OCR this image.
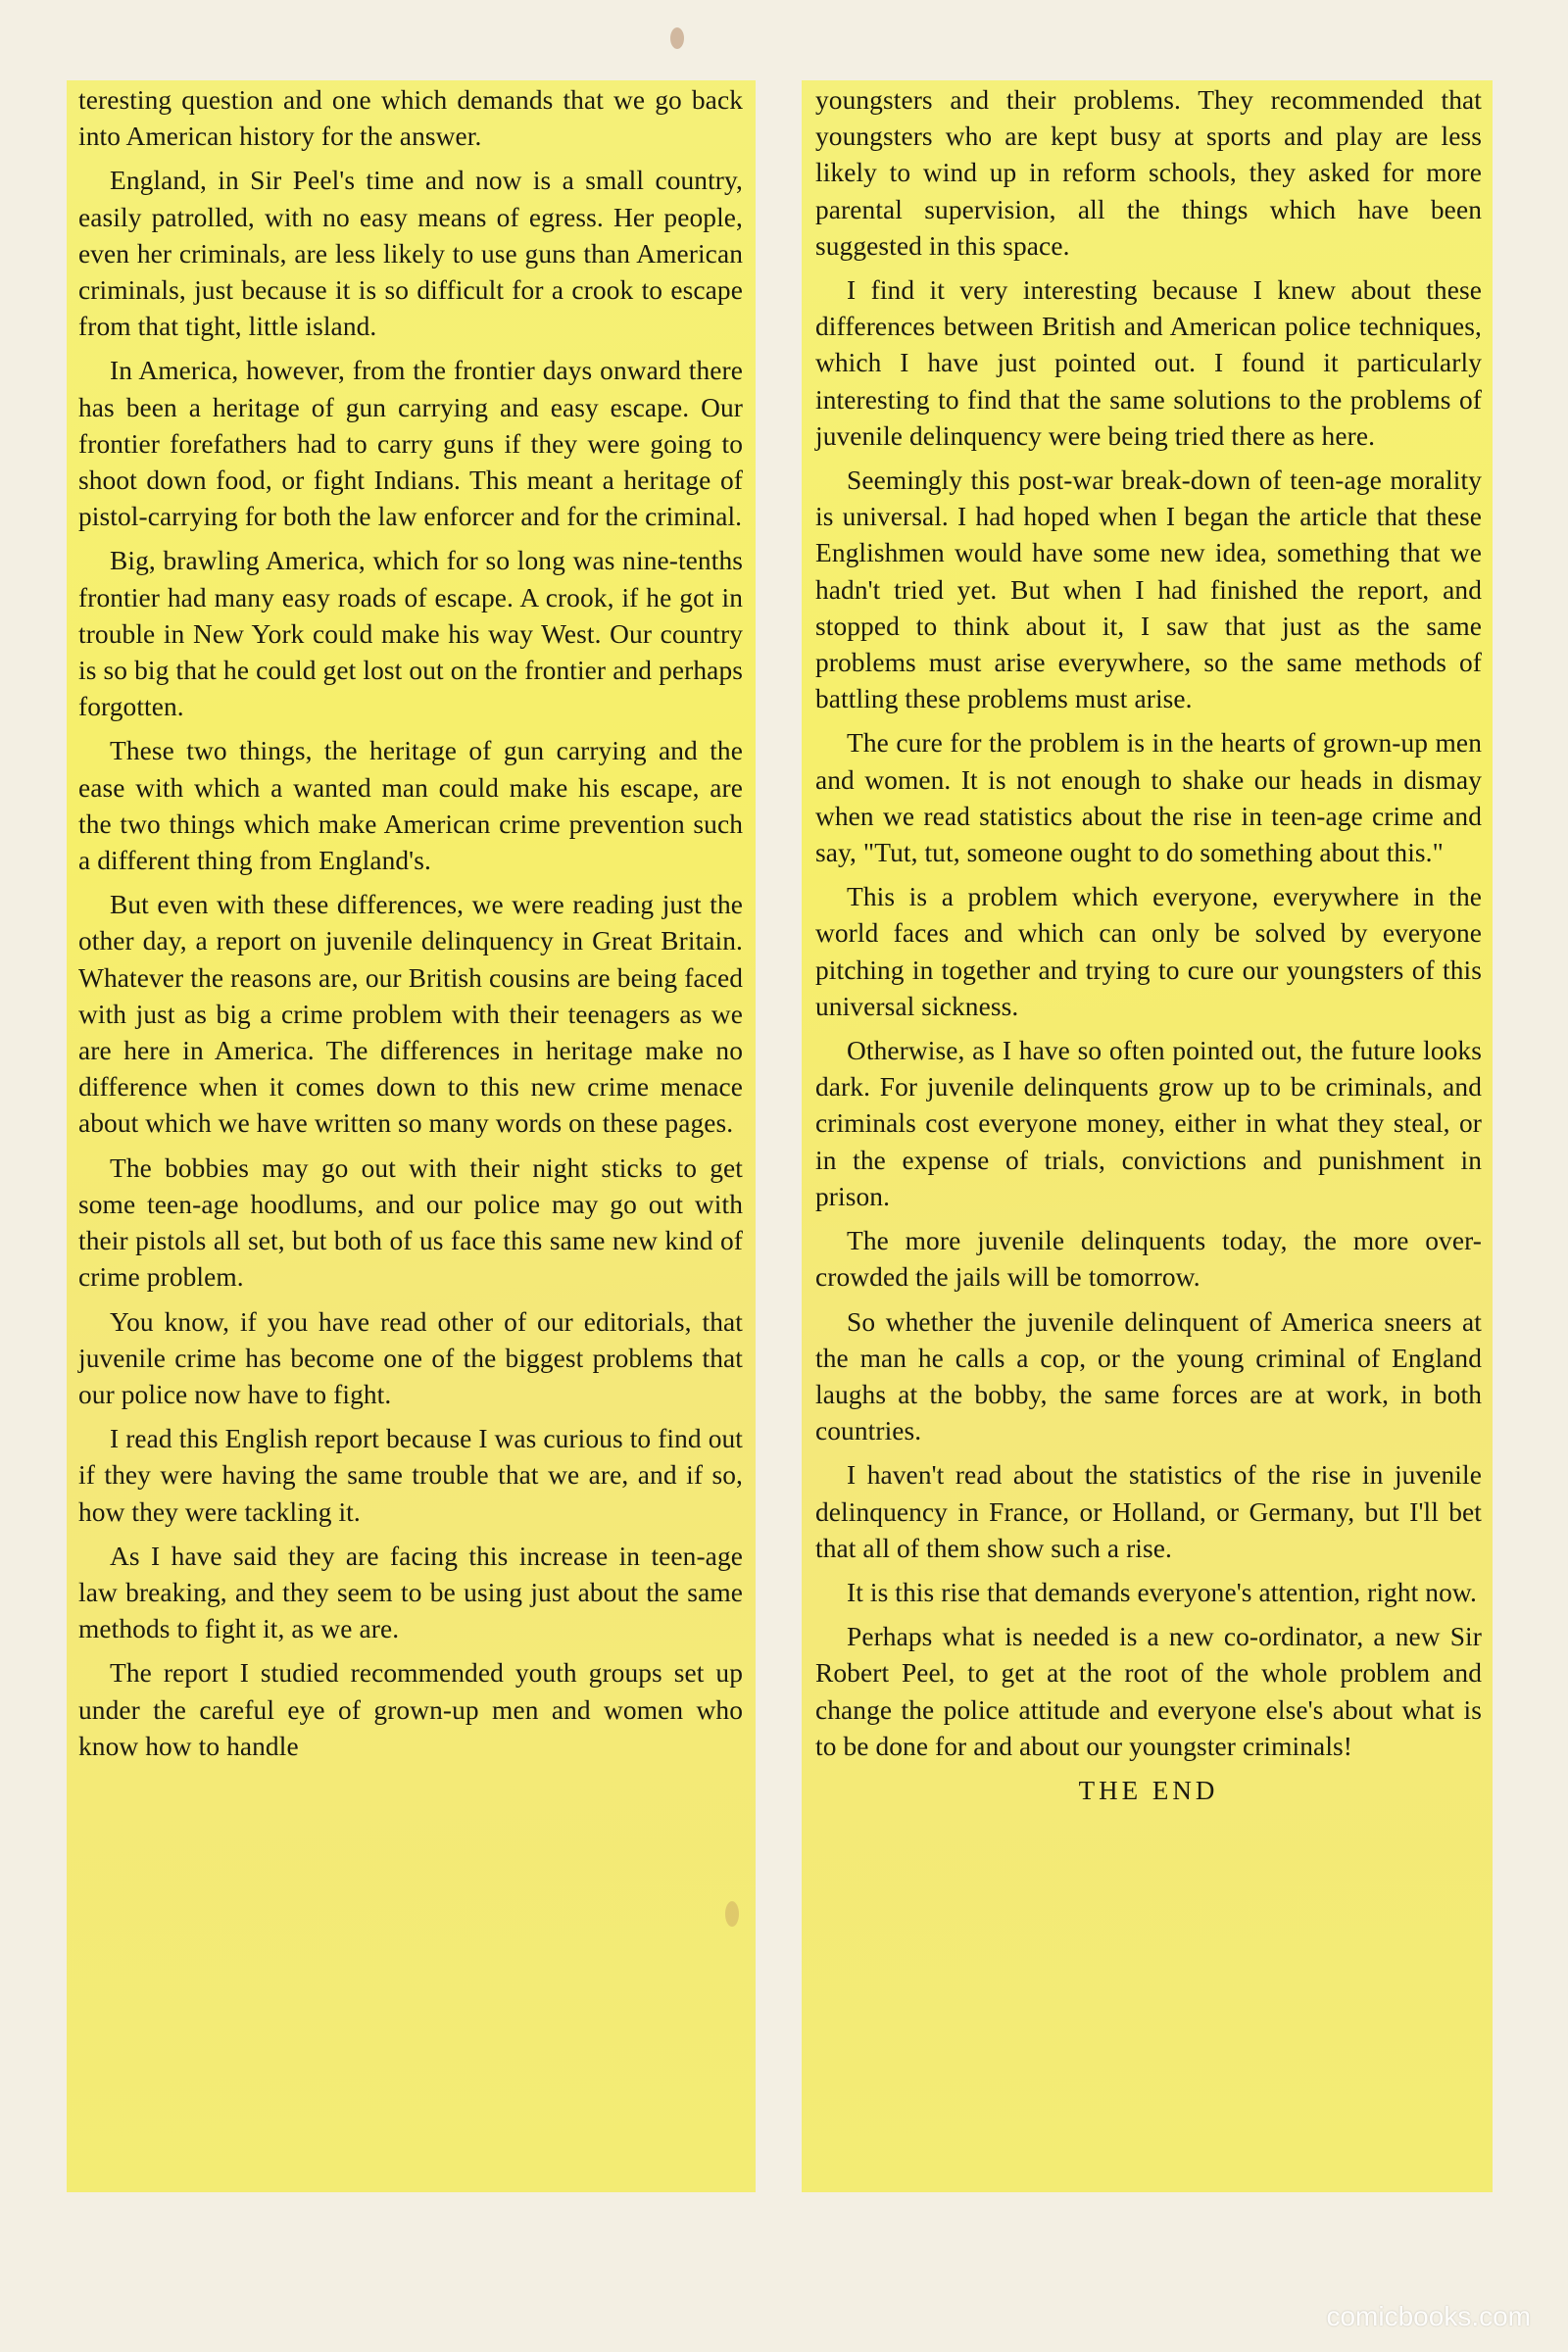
teresting question and one which demands that we go back into American history for the answer.

England, in Sir Peel's time and now is a small country, easily patrolled, with no easy means of egress. Her people, even her criminals, are less likely to use guns than American criminals, just because it is so difficult for a crook to escape from that tight, little island.

In America, however, from the frontier days onward there has been a heritage of gun carrying and easy escape. Our frontier forefathers had to carry guns if they were going to shoot down food, or fight Indians. This meant a heritage of pistol-carrying for both the law enforcer and for the criminal.

Big, brawling America, which for so long was nine-tenths frontier had many easy roads of escape. A crook, if he got in trouble in New York could make his way West. Our country is so big that he could get lost out on the frontier and perhaps forgotten.

These two things, the heritage of gun carrying and the ease with which a wanted man could make his escape, are the two things which make American crime prevention such a different thing from England's.

But even with these differences, we were reading just the other day, a report on juvenile delinquency in Great Britain. Whatever the reasons are, our British cousins are being faced with just as big a crime problem with their teenagers as we are here in America. The differences in heritage make no difference when it comes down to this new crime menace about which we have written so many words on these pages.

The bobbies may go out with their night sticks to get some teen-age hoodlums, and our police may go out with their pistols all set, but both of us face this same new kind of crime problem.

You know, if you have read other of our editorials, that juvenile crime has become one of the biggest problems that our police now have to fight.

I read this English report because I was curious to find out if they were having the same trouble that we are, and if so, how they were tackling it.

As I have said they are facing this increase in teen-age law breaking, and they seem to be using just about the same methods to fight it, as we are.

The report I studied recommended youth groups set up under the careful eye of grown-up men and women who know how to handle

youngsters and their problems. They recommended that youngsters who are kept busy at sports and play are less likely to wind up in reform schools, they asked for more parental supervision, all the things which have been suggested in this space.

I find it very interesting because I knew about these differences between British and American police techniques, which I have just pointed out. I found it particularly interesting to find that the same solutions to the problems of juvenile delinquency were being tried there as here.

Seemingly this post-war break-down of teen-age morality is universal. I had hoped when I began the article that these Englishmen would have some new idea, something that we hadn't tried yet. But when I had finished the report, and stopped to think about it, I saw that just as the same problems must arise everywhere, so the same methods of battling these problems must arise.

The cure for the problem is in the hearts of grown-up men and women. It is not enough to shake our heads in dismay when we read statistics about the rise in teen-age crime and say, "Tut, tut, someone ought to do something about this."

This is a problem which everyone, everywhere in the world faces and which can only be solved by everyone pitching in together and trying to cure our youngsters of this universal sickness.

Otherwise, as I have so often pointed out, the future looks dark. For juvenile delinquents grow up to be criminals, and criminals cost everyone money, either in what they steal, or in the expense of trials, convictions and punishment in prison.

The more juvenile delinquents today, the more over-crowded the jails will be tomorrow.

So whether the juvenile delinquent of America sneers at the man he calls a cop, or the young criminal of England laughs at the bobby, the same forces are at work, in both countries.

I haven't read about the statistics of the rise in juvenile delinquency in France, or Holland, or Germany, but I'll bet that all of them show such a rise.

It is this rise that demands everyone's attention, right now.

Perhaps what is needed is a new co-ordinator, a new Sir Robert Peel, to get at the root of the whole problem and change the police attitude and everyone else's about what is to be done for and about our youngster criminals!

THE END

comicbooks.com
